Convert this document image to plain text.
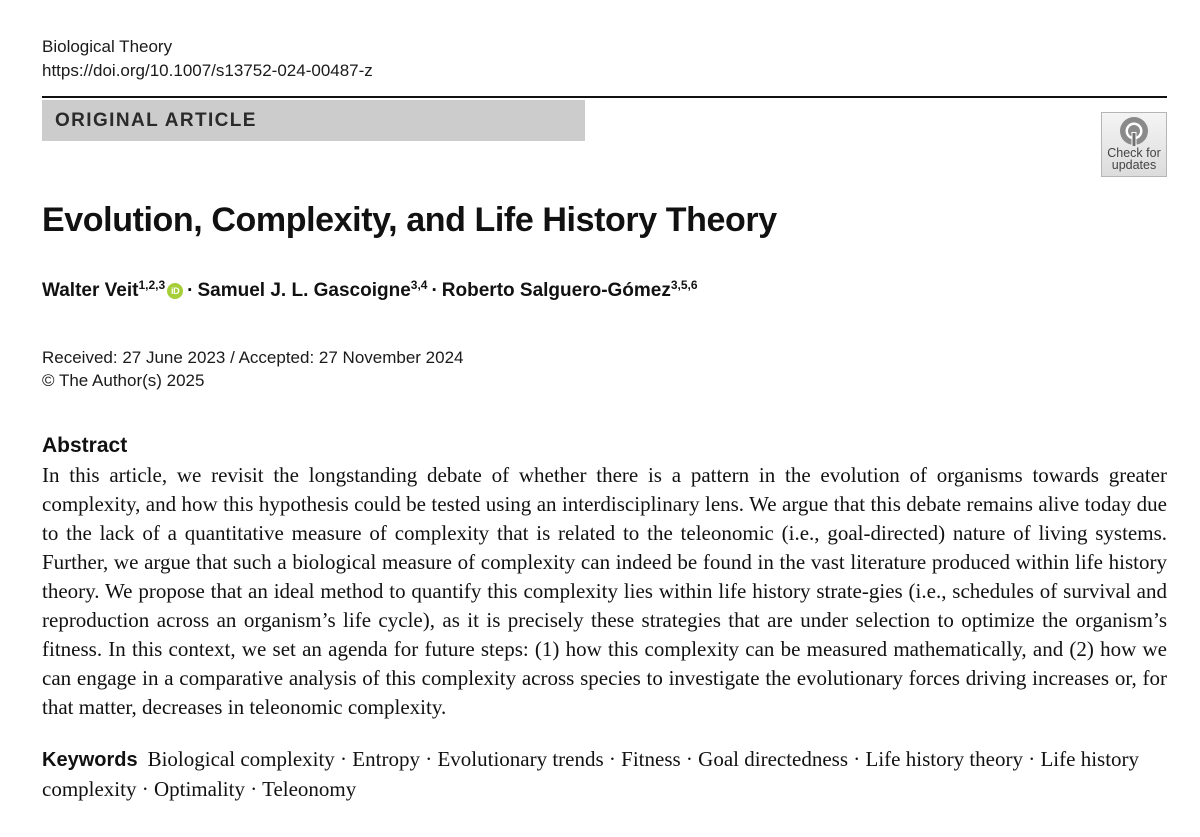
Biological Theory
https://doi.org/10.1007/s13752-024-00487-z
ORIGINAL ARTICLE
Check for
updates
Evolution, Complexity, and Life History Theory
Walter Veit$^{1,2,3}$ iD · Samuel J. L. Gascoigne$^{3,4}$ · Roberto Salguero-Gómez$^{3,5,6}$
Received: 27 June 2023 / Accepted: 27 November 2024
© The Author(s) 2025
Abstract

In this article, we revisit the longstanding debate of whether there is a pattern in the evolution of organisms towards greater complexity, and how this hypothesis could be tested using an interdisciplinary lens. We argue that this debate remains alive today due to the lack of a quantitative measure of complexity that is related to the teleonomic (i.e., goal-directed) nature of living systems. Further, we argue that such a biological measure of complexity can indeed be found in the vast literature produced within life history theory. We propose that an ideal method to quantify this complexity lies within life history strate-gies (i.e., schedules of survival and reproduction across an organism’s life cycle), as it is precisely these strategies that are under selection to optimize the organism’s fitness. In this context, we set an agenda for future steps: (1) how this complexity can be measured mathematically, and (2) how we can engage in a comparative analysis of this complexity across species to investigate the evolutionary forces driving increases or, for that matter, decreases in teleonomic complexity.

Keywords Biological complexity · Entropy · Evolutionary trends · Fitness · Goal directedness · Life history theory · Life history complexity · Optimality · Teleonomy
